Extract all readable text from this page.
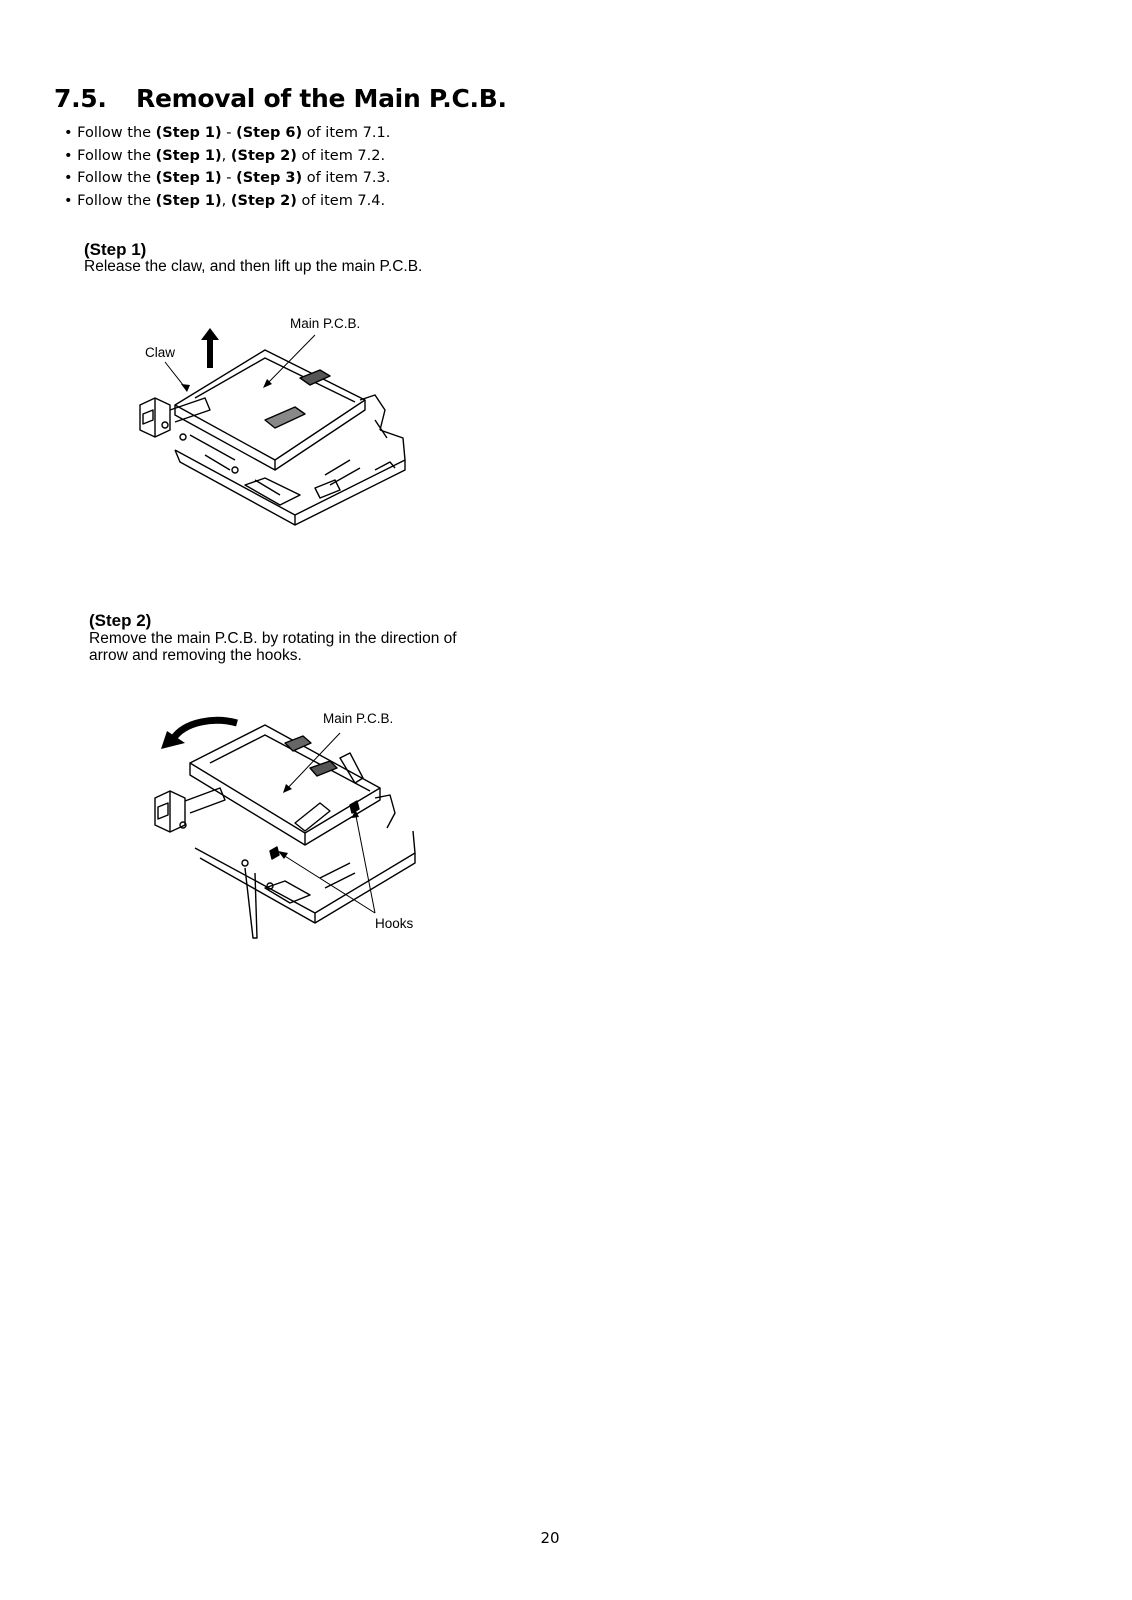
7.5. Removal of the Main P.C.B.
• Follow the (Step 1) - (Step 6) of item 7.1.
• Follow the (Step 1), (Step 2) of item 7.2.
• Follow the (Step 1) - (Step 3) of item 7.3.
• Follow the (Step 1), (Step 2) of item 7.4.

(Step 1)

Release the claw, and then lift up the main P.C.B.

Main P.C.B.
Claw

(Step 2)

Remove the main P.C.B. by rotating in the direction of
arrow and removing the hooks.

Main P.C.B.
Hooks
20
